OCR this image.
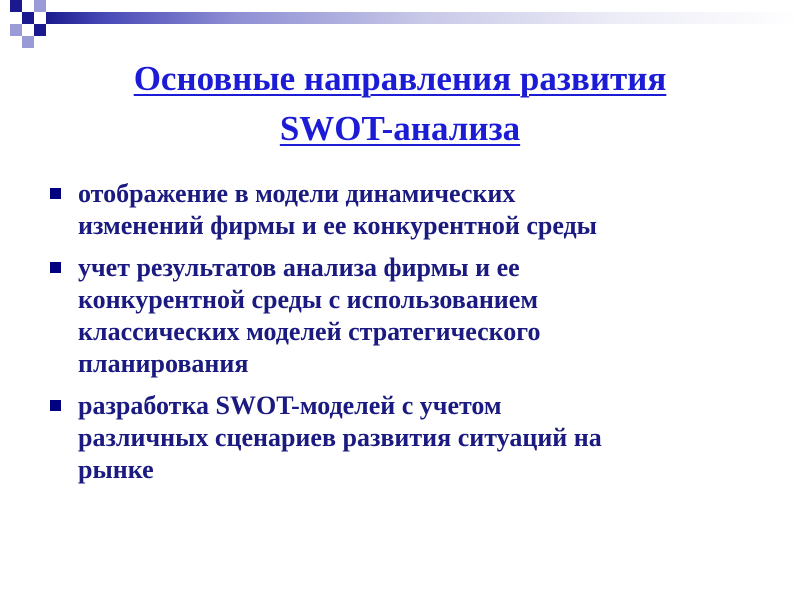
Основные направления развития
SWOT-анализа
отображение в модели динамических
изменений фирмы и ее конкурентной среды
учет результатов анализа фирмы и ее
конкурентной среды с использованием
классических моделей стратегического
планирования
разработка SWOT-моделей с учетом
различных сценариев развития ситуаций на
рынке
